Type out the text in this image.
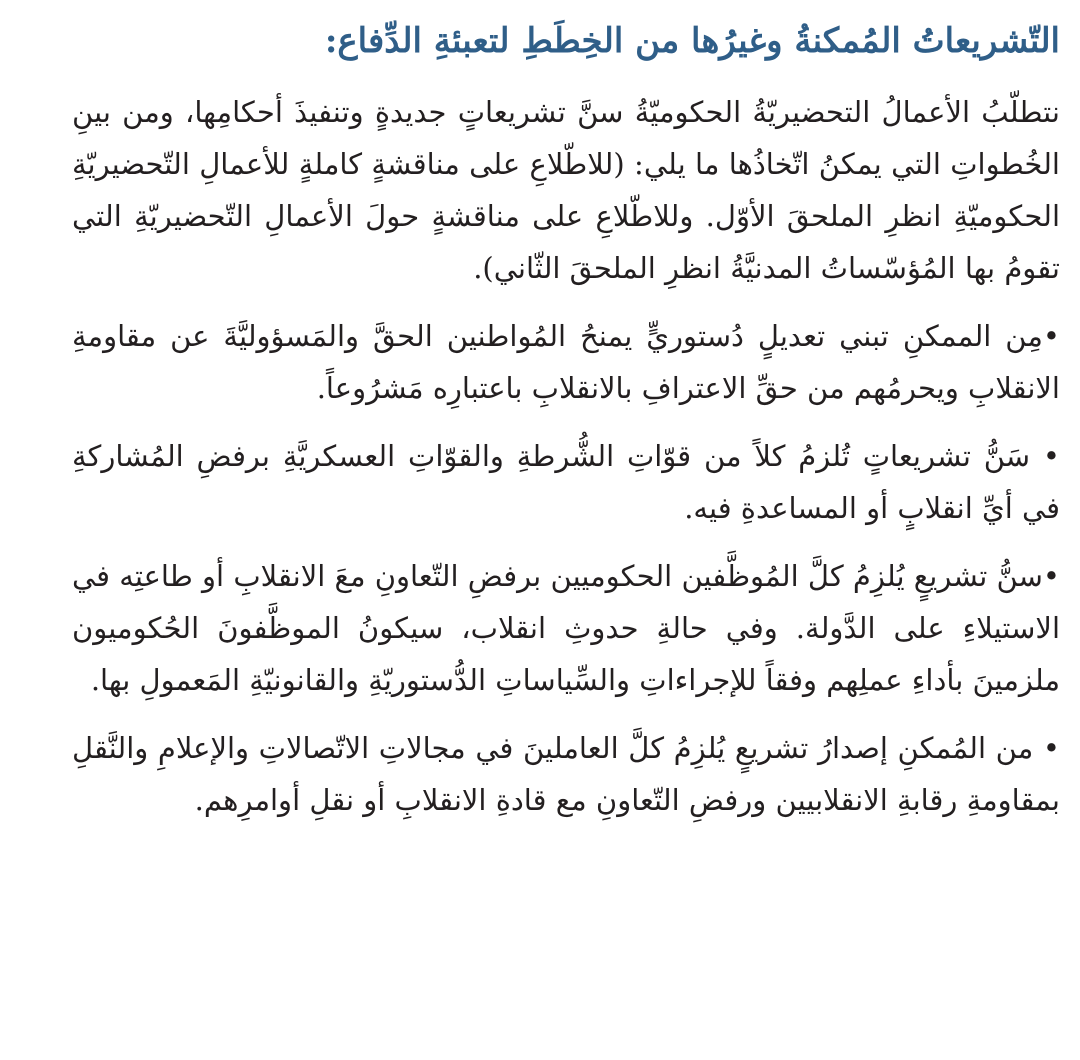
التّشريعاتُ المُمكنةُ وغيرُها من الخِطَطِ لتعبئةِ الدِّفاع:

نتطلّبُ الأعمالُ التحضيريّةُ الحكوميّةُ سنَّ تشريعاتٍ جديدةٍ وتنفيذَ أحكامِها، ومن بينِ الخُطواتِ التي يمكنُ اتّخاذُها ما يلي: (للاطّلاعِ على مناقشةٍ كاملةٍ للأعمالِ التّحضيريّةِ الحكوميّةِ انظرِ الملحقَ الأوّل. وللاطّلاعِ على مناقشةٍ حولَ الأعمالِ التّحضيريّةِ التي تقومُ بها المُؤسّساتُ المدنيَّةُ انظرِ الملحقَ الثّاني).

•مِن الممكنِ تبني تعديلٍ دُستوريٍّ يمنحُ المُواطنين الحقَّ والمَسؤوليَّةَ عن مقاومةِ الانقلابِ ويحرمُهم من حقِّ الاعترافِ بالانقلابِ باعتبارِه مَشرُوعاً.

• سَنُّ تشريعاتٍ تُلزمُ كلاً من قوّاتِ الشُّرطةِ والقوّاتِ العسكريَّةِ برفضِ المُشاركةِ في أيِّ انقلابٍ أو المساعدةِ فيه.

•سنُّ تشريعٍ يُلزِمُ كلَّ المُوظَّفين الحكوميين برفضِ التّعاونِ معَ الانقلابِ أو طاعتِه في الاستيلاءِ على الدَّولة. وفي حالةِ حدوثِ انقلاب، سيكونُ الموظَّفونَ الحُكوميون ملزمينَ بأداءِ عملِهم وفقاً للإجراءاتِ والسِّياساتِ الدُّستوريّةِ والقانونيّةِ المَعمولِ بها.

• من المُمكنِ إصدارُ تشريعٍ يُلزِمُ كلَّ العاملينَ في مجالاتِ الاتّصالاتِ والإعلامِ والنَّقلِ بمقاومةِ رقابةِ الانقلابيين ورفضِ التّعاونِ مع قادةِ الانقلابِ أو نقلِ أوامرِهم.
